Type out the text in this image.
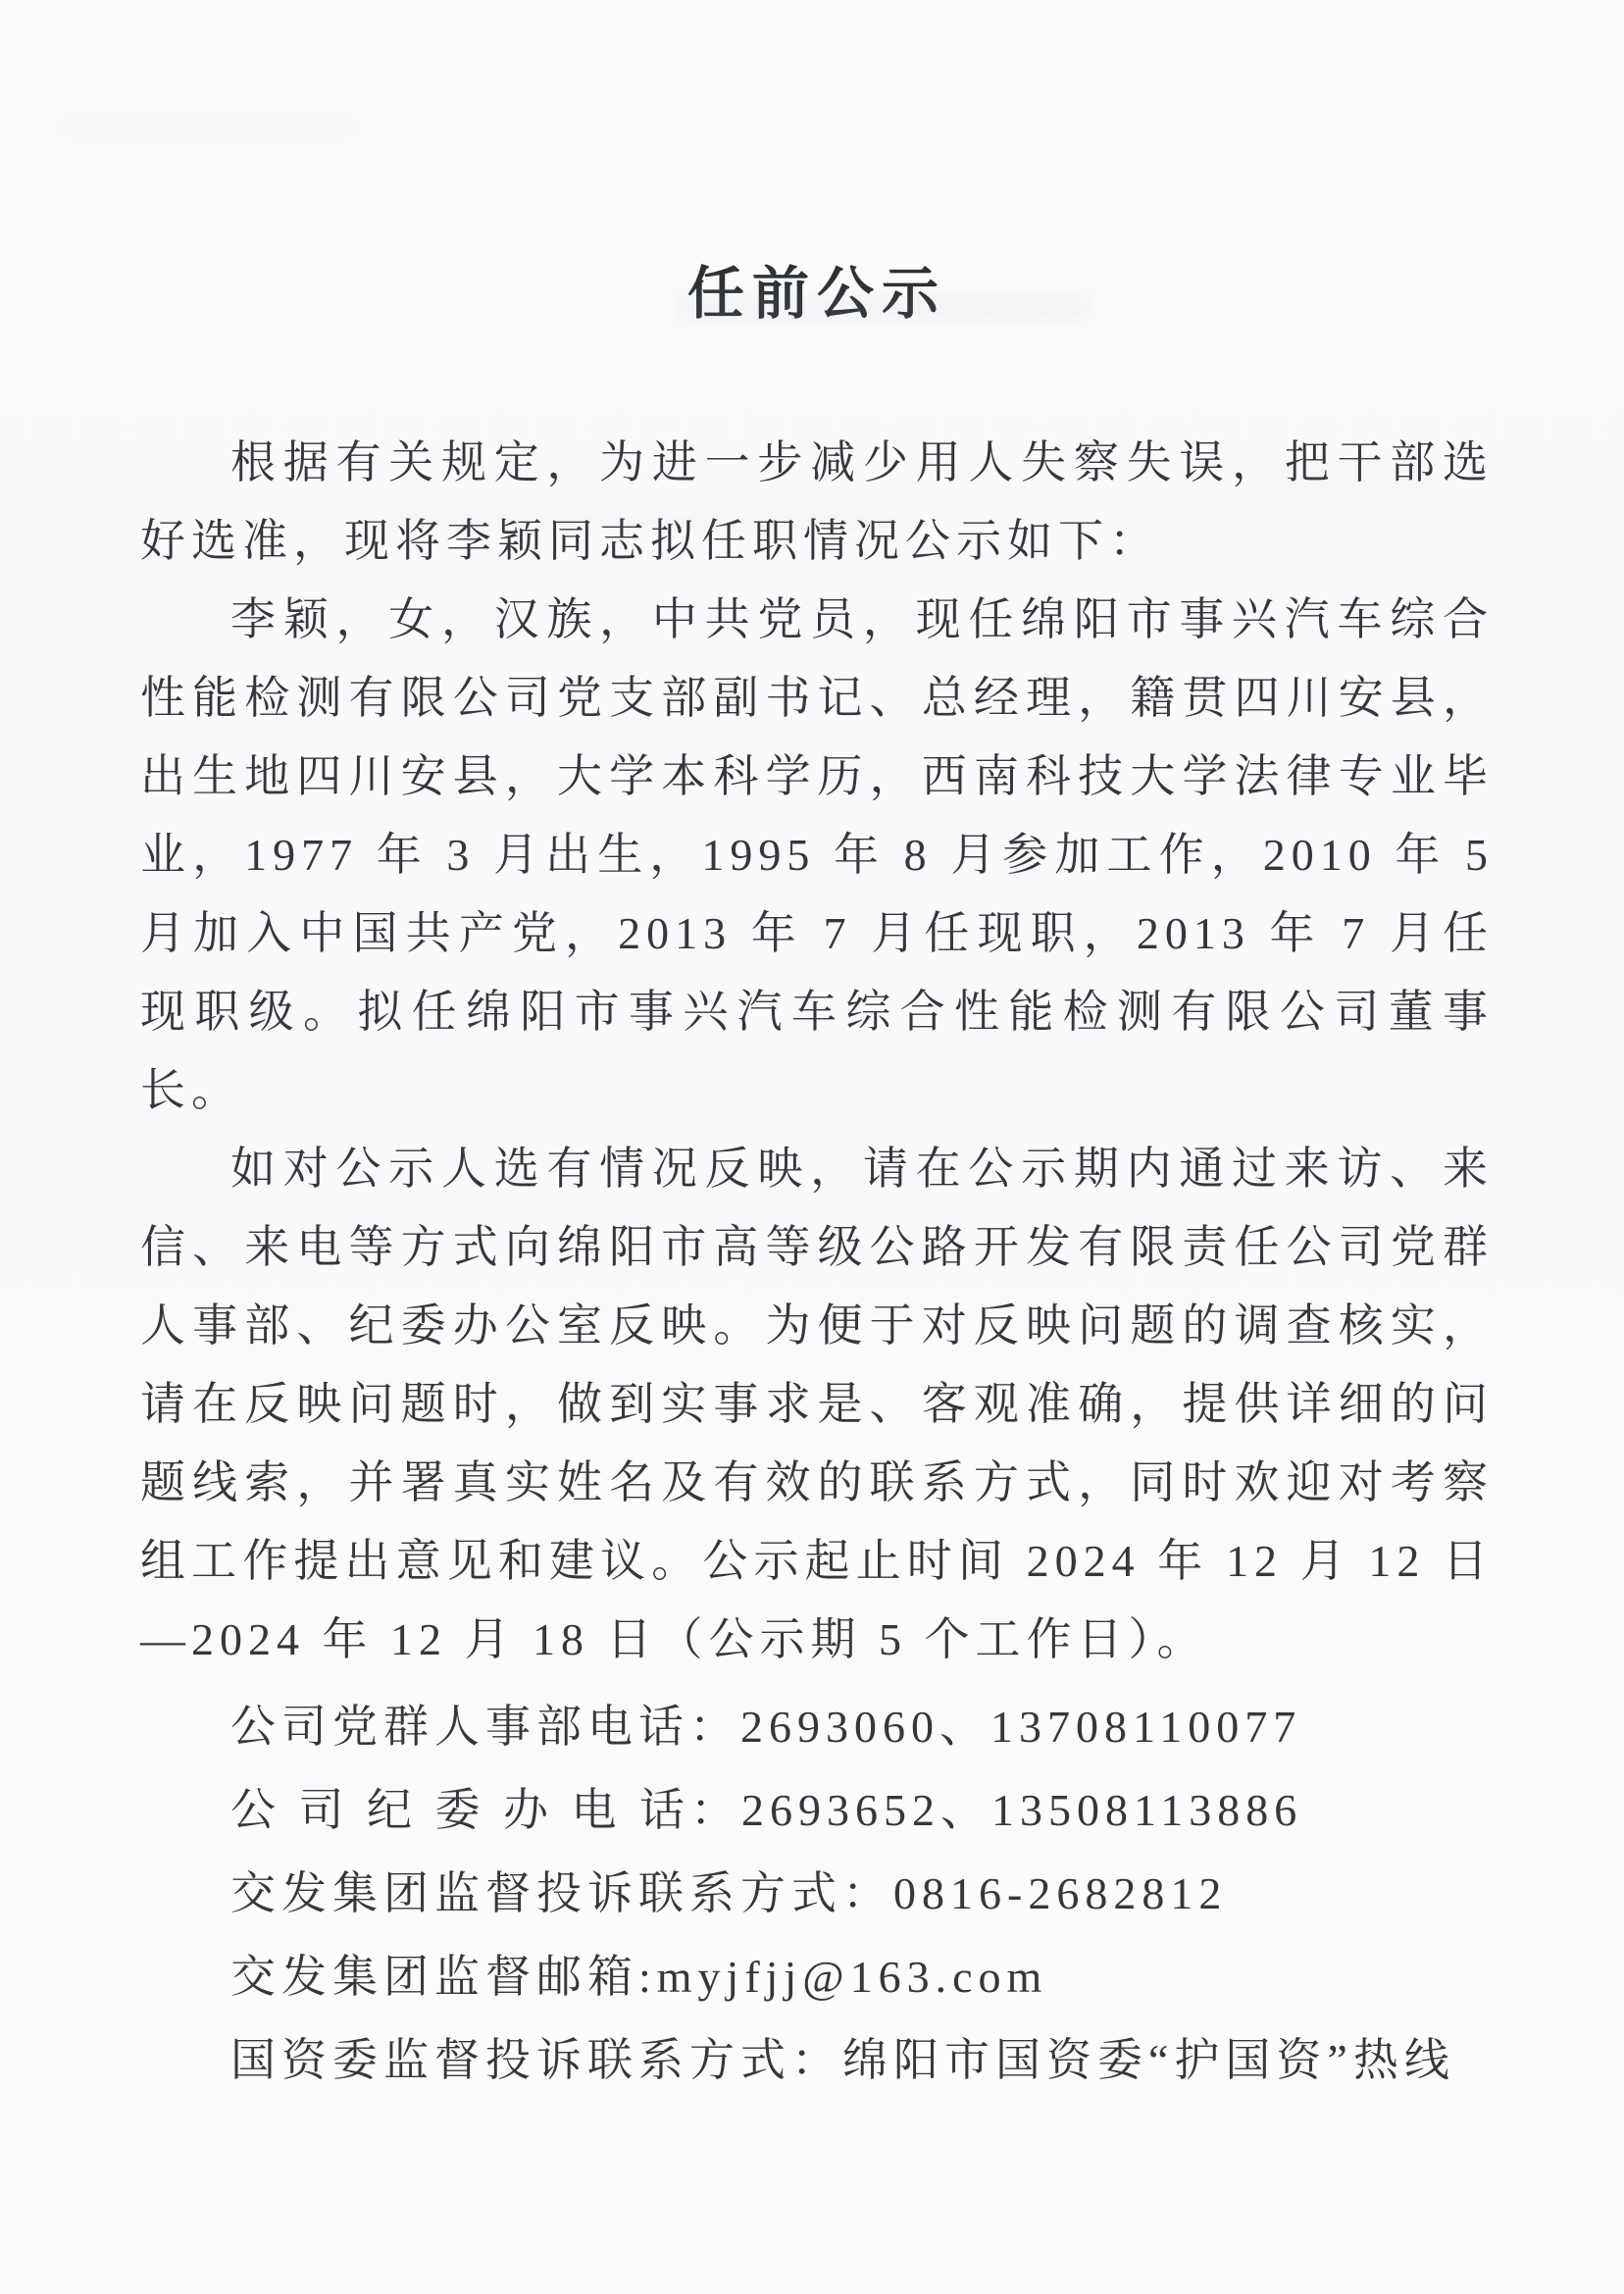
任前公示

根据有关规定，为进一步减少用人失察失误，把干部选好选准，现将李颖同志拟任职情况公示如下：

李颖，女，汉族，中共党员，现任绵阳市事兴汽车综合性能检测有限公司党支部副书记、总经理，籍贯四川安县，出生地四川安县，大学本科学历，西南科技大学法律专业毕业，1977 年 3 月出生，1995 年 8 月参加工作，2010 年 5 月加入中国共产党，2013 年 7 月任现职，2013 年 7 月任现职级。拟任绵阳市事兴汽车综合性能检测有限公司董事长。

如对公示人选有情况反映，请在公示期内通过来访、来信、来电等方式向绵阳市高等级公路开发有限责任公司党群人事部、纪委办公室反映。为便于对反映问题的调查核实，请在反映问题时，做到实事求是、客观准确，提供详细的问题线索，并署真实姓名及有效的联系方式，同时欢迎对考察组工作提出意见和建议。公示起止时间 2024 年 12 月 12 日—2024 年 12 月 18 日（公示期 5 个工作日）。

公司党群人事部电话：2693060、13708110077

公 司 纪 委 办 电 话：2693652、13508113886

交发集团监督投诉联系方式：0816-2682812

交发集团监督邮箱:myjfjj@163.com

国资委监督投诉联系方式：绵阳市国资委“护国资”热线
